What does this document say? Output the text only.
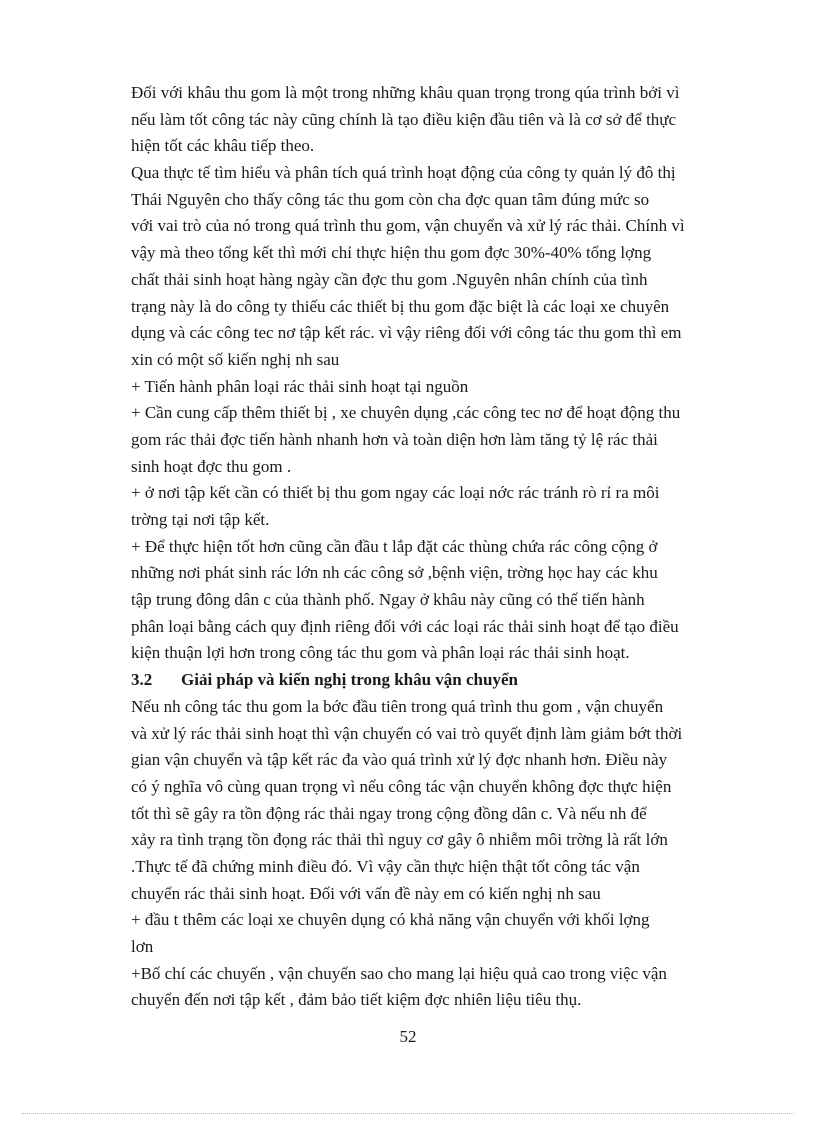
Đối với khâu thu gom là một trong những khâu quan trọng trong qúa trình bởi vì
nếu làm tốt công tác này cũng chính là tạo điều kiện đầu tiên và là cơ sở để thực
hiện tốt các khâu tiếp theo.
Qua thực tế tìm hiểu và phân tích quá trình hoạt động của công ty quản lý đô thị
Thái Nguyên cho thấy công tác thu gom còn cha đợc quan tâm đúng mức so
với vai trò của nó trong quá trình thu gom, vận chuyển và xử lý rác thải. Chính vì
vậy mà theo tổng kết thì mới chỉ thực hiện thu gom đợc 30%-40% tổng lợng
chất thải sinh hoạt hàng ngày cần đợc thu gom .Nguyên nhân chính của tình
trạng này là do công ty thiếu các thiết bị thu gom đặc biệt là các loại xe chuyên
dụng và các công tec nơ tập kết rác. vì vậy riêng đối với công tác thu gom thì em
xin có một số kiến nghị nh sau
+ Tiến hành phân loại rác thải sinh hoạt tại nguồn
+ Cần cung cấp thêm thiết bị , xe chuyên dụng ,các công tec nơ để hoạt động thu
gom rác thải đợc tiến hành nhanh hơn và toàn diện hơn làm tăng tỷ lệ rác thải
sinh hoạt đợc thu gom .
+ ở nơi tập kết cần có thiết bị thu gom ngay các loại nớc rác tránh rò rỉ ra môi
trờng tại nơi tập kết.
+ Để thực hiện tốt hơn cũng cần đầu t lắp đặt các thùng chứa rác công cộng ở
những nơi phát sinh rác lớn nh các công sở ,bệnh viện, trờng học hay các khu
tập trung đông dân c của thành phố. Ngay ở khâu này cũng có thế tiến hành
phân loại bằng cách quy định riêng đối với các loại rác thải sinh hoạt để tạo điều
kiện thuận lợi hơn trong công tác thu gom và phân loại rác thải sinh hoạt.
3.2 Giải pháp và kiến nghị trong khâu vận chuyển
Nếu nh công tác thu gom la bớc đầu tiên trong quá trình thu gom , vận chuyển
và xử lý rác thải sinh hoạt thì vận chuyển có vai trò quyết định làm giảm bớt thời
gian vận chuyển và tập kết rác đa vào quá trình xử lý đợc nhanh hơn. Điều này
có ý nghĩa vô cùng quan trọng vì nếu công tác vận chuyển không đợc thực hiện
tốt thì sẽ gây ra tồn động rác thải ngay trong cộng đồng dân c. Và nếu nh để
xảy ra tình trạng tồn đọng rác thải thì nguy cơ gây ô nhiễm môi trờng là rất lớn
.Thực tế đã chứng minh điều đó. Vì vậy cần thực hiện thật tốt công tác vận
chuyển rác thải sinh hoạt. Đối với vấn đề này em có kiến nghị nh sau
+ đầu t thêm các loại xe chuyên dụng có khả năng vận chuyển với khối lợng
lơn
+Bố chí các chuyến , vận chuyển sao cho mang lại hiệu quả cao trong việc vận
chuyển đến nơi tập kết , đảm bảo tiết kiệm đợc nhiên liệu tiêu thụ.
52
